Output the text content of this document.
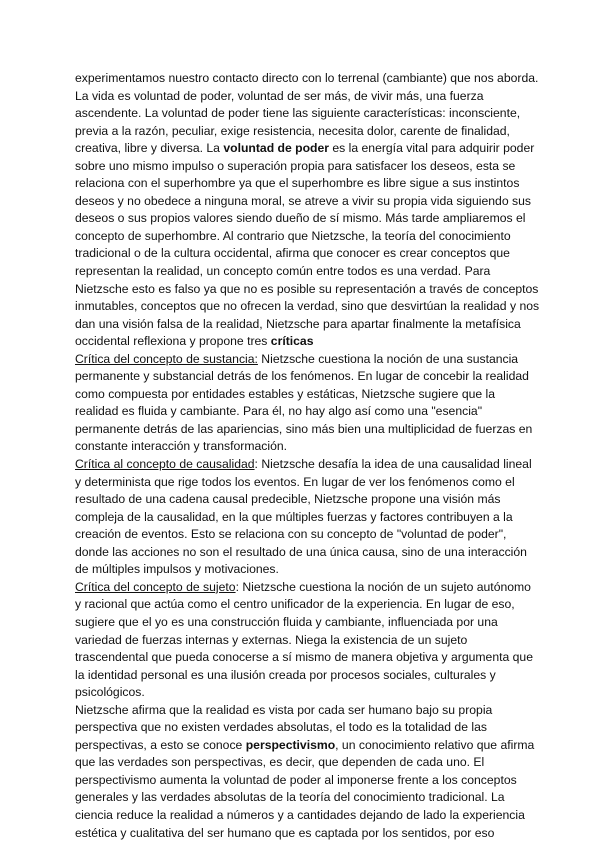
experimentamos nuestro contacto directo con lo terrenal (cambiante) que nos aborda. La vida es voluntad de poder, voluntad de ser más, de vivir más, una fuerza ascendente. La voluntad de poder tiene las siguiente características: inconsciente, previa a la razón, peculiar, exige resistencia, necesita dolor, carente de finalidad, creativa, libre y diversa. La voluntad de poder es la energía vital para adquirir poder sobre uno mismo impulso o superación propia para satisfacer los deseos, esta se relaciona con el superhombre ya que el superhombre es libre sigue a sus instintos deseos y no obedece a ninguna moral, se atreve a vivir su propia vida siguiendo sus deseos o sus propios valores siendo dueño de sí mismo. Más tarde ampliaremos el concepto de superhombre. Al contrario que Nietzsche, la teoría del conocimiento tradicional o de la cultura occidental, afirma que conocer es crear conceptos que representan la realidad, un concepto común entre todos es una verdad. Para Nietzsche esto es falso ya que no es posible su representación a través de conceptos inmutables, conceptos que no ofrecen la verdad, sino que desvirtúan la realidad y nos dan una visión falsa de la realidad, Nietzsche para apartar finalmente la metafísica occidental reflexiona y propone tres críticas

Crítica del concepto de sustancia: Nietzsche cuestiona la noción de una sustancia permanente y substancial detrás de los fenómenos. En lugar de concebir la realidad como compuesta por entidades estables y estáticas, Nietzsche sugiere que la realidad es fluida y cambiante. Para él, no hay algo así como una "esencia" permanente detrás de las apariencias, sino más bien una multiplicidad de fuerzas en constante interacción y transformación.

Crítica al concepto de causalidad: Nietzsche desafía la idea de una causalidad lineal y determinista que rige todos los eventos. En lugar de ver los fenómenos como el resultado de una cadena causal predecible, Nietzsche propone una visión más compleja de la causalidad, en la que múltiples fuerzas y factores contribuyen a la creación de eventos. Esto se relaciona con su concepto de "voluntad de poder", donde las acciones no son el resultado de una única causa, sino de una interacción de múltiples impulsos y motivaciones.

Crítica del concepto de sujeto: Nietzsche cuestiona la noción de un sujeto autónomo y racional que actúa como el centro unificador de la experiencia. En lugar de eso, sugiere que el yo es una construcción fluida y cambiante, influenciada por una variedad de fuerzas internas y externas. Niega la existencia de un sujeto trascendental que pueda conocerse a sí mismo de manera objetiva y argumenta que la identidad personal es una ilusión creada por procesos sociales, culturales y psicológicos.

Nietzsche afirma que la realidad es vista por cada ser humano bajo su propia perspectiva que no existen verdades absolutas, el todo es la totalidad de las perspectivas, a esto se conoce perspectivismo, un conocimiento relativo que afirma que las verdades son perspectivas, es decir, que dependen de cada uno. El perspectivismo aumenta la voluntad de poder al imponerse frente a los conceptos generales y las verdades absolutas de la teoría del conocimiento tradicional. La ciencia reduce la realidad a números y a cantidades dejando de lado la experiencia estética y cualitativa del ser humano que es captada por los sentidos, por eso
